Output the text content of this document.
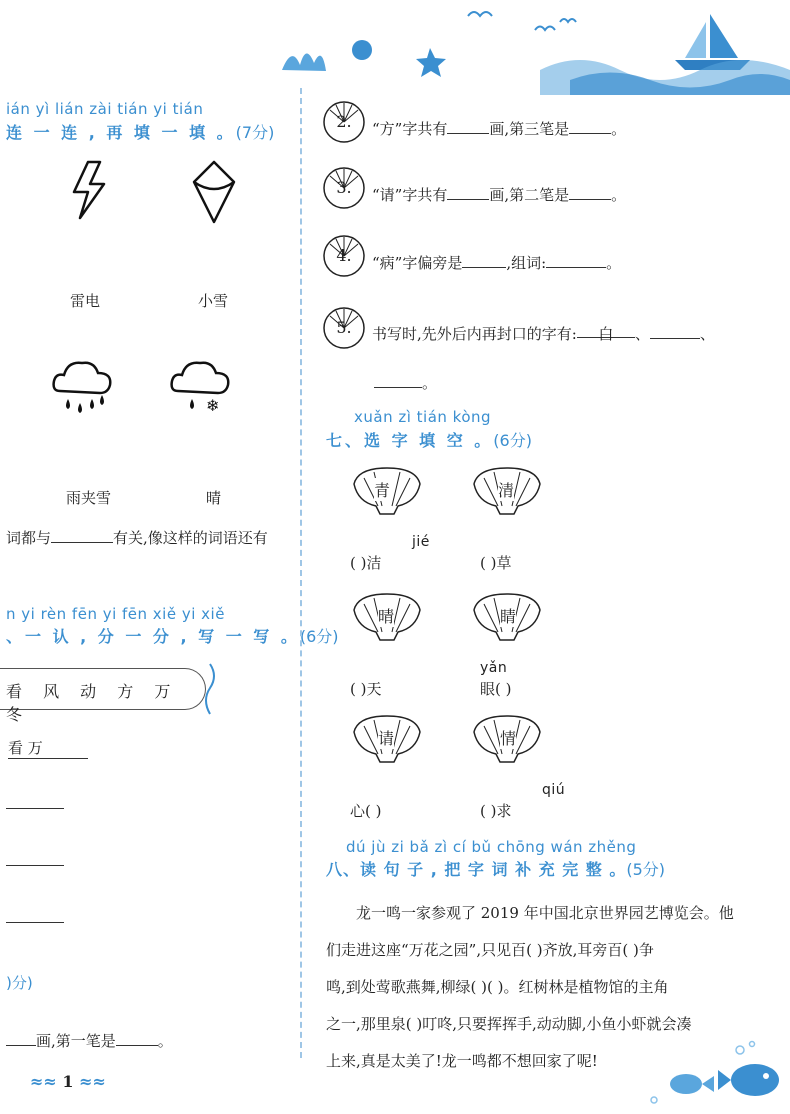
ián yì lián zài tián yi tián
连 一 连 , 再 填 一 填 。(7分)
雷电	小雪
❄
雨夹雪	晴
词都与	有关,像这样的词语还有
n yi rèn fēn yi fēn xiě yi xiě
、一 认 , 分 一 分 , 写 一 写 。(6分)
看 风 动 方 万 冬
看 万
)分)
画,第一笔是	。
≈≈ 1 ≈≈
2.	“方”字共有	画,第三笔是	。
3.	“请”字共有	画,第二笔是	。
4.	“病”字偏旁是	,组词:	。
5.	书写时,先外后内再封口的字有: 白 、	、
。
xuǎn zì tián kòng
七、选 字 填 空 。(6分)
青	清
jié
( )洁	( )草
晴	睛
yǎn
( )天	眼( )
请	情
qiú
心( )	( )求
dú jù zi bǎ zì cí bǔ chōng wán zhěng
八、读 句 子 , 把 字 词 补 充 完 整 。(5分)
龙一鸣一家参观了 2019 年中国北京世界园艺博览会。他
们走进这座“万花之园”,只见百( )齐放,耳旁百( )争
鸣,到处莺歌燕舞,柳绿( )( )。红树林是植物馆的主角
之一,那里泉( )叮咚,只要挥挥手,动动脚,小鱼小虾就会凑
上来,真是太美了!龙一鸣都不想回家了呢!
